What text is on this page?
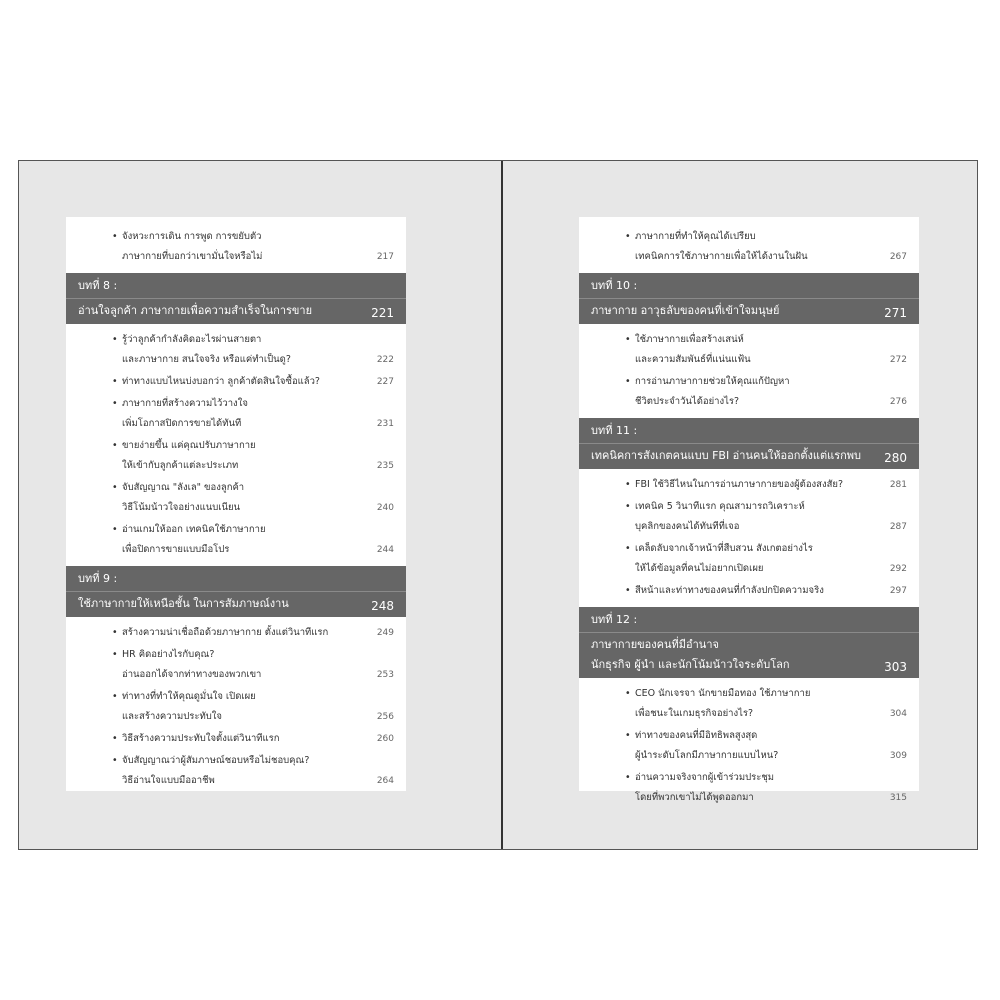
• จังหวะการเดิน การพูด การขยับตัว
ภาษากายที่บอกว่าเขามั่นใจหรือไม่	217
บทที่ 8 :
อ่านใจลูกค้า ภาษากายเพื่อความสำเร็จในการขาย	221
• รู้ว่าลูกค้ากำลังคิดอะไรผ่านสายตา
และภาษากาย สนใจจริง หรือแค่ทำเป็นดู?	222
• ท่าทางแบบไหนบ่งบอกว่า ลูกค้าตัดสินใจซื้อแล้ว?	227
• ภาษากายที่สร้างความไว้วางใจ
เพิ่มโอกาสปิดการขายได้ทันที	231
• ขายง่ายขึ้น แค่คุณปรับภาษากาย
ให้เข้ากับลูกค้าแต่ละประเภท	235
• จับสัญญาณ "ลังเล" ของลูกค้า
วิธีโน้มน้าวใจอย่างแนบเนียน	240
• อ่านเกมให้ออก เทคนิคใช้ภาษากาย
เพื่อปิดการขายแบบมือโปร	244
บทที่ 9 :
ใช้ภาษากายให้เหนือชั้น ในการสัมภาษณ์งาน	248
• สร้างความน่าเชื่อถือด้วยภาษากาย ตั้งแต่วินาทีแรก	249
• HR คิดอย่างไรกับคุณ?
อ่านออกได้จากท่าทางของพวกเขา	253
• ท่าทางที่ทำให้คุณดูมั่นใจ เปิดเผย
และสร้างความประทับใจ	256
• วิธีสร้างความประทับใจตั้งแต่วินาทีแรก	260
• จับสัญญาณว่าผู้สัมภาษณ์ชอบหรือไม่ชอบคุณ?
วิธีอ่านใจแบบมืออาชีพ	264
• ภาษากายที่ทำให้คุณได้เปรียบ
เทคนิคการใช้ภาษากายเพื่อให้ได้งานในฝัน	267
บทที่ 10 :
ภาษากาย อาวุธลับของคนที่เข้าใจมนุษย์	271
• ใช้ภาษากายเพื่อสร้างเสน่ห์
และความสัมพันธ์ที่แน่นแฟ้น	272
• การอ่านภาษากายช่วยให้คุณแก้ปัญหา
ชีวิตประจำวันได้อย่างไร?	276
บทที่ 11 :
เทคนิคการสังเกตคนแบบ FBI อ่านคนให้ออกตั้งแต่แรกพบ	280
• FBI ใช้วิธีไหนในการอ่านภาษากายของผู้ต้องสงสัย?	281
• เทคนิค 5 วินาทีแรก คุณสามารถวิเคราะห์
บุคลิกของคนได้ทันทีที่เจอ	287
• เคล็ดลับจากเจ้าหน้าที่สืบสวน สังเกตอย่างไร
ให้ได้ข้อมูลที่คนไม่อยากเปิดเผย	292
• สีหน้าและท่าทางของคนที่กำลังปกปิดความจริง	297
บทที่ 12 :
ภาษากายของคนที่มีอำนาจ
นักธุรกิจ ผู้นำ และนักโน้มน้าวใจระดับโลก	303
• CEO นักเจรจา นักขายมือทอง ใช้ภาษากาย
เพื่อชนะในเกมธุรกิจอย่างไร?	304
• ท่าทางของคนที่มีอิทธิพลสูงสุด
ผู้นำระดับโลกมีภาษากายแบบไหน?	309
• อ่านความจริงจากผู้เข้าร่วมประชุม
โดยที่พวกเขาไม่ได้พูดออกมา	315
